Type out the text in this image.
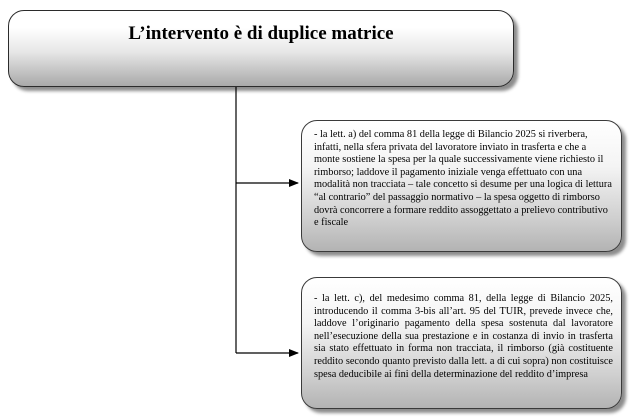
L’intervento è di duplice matrice
- la lett. a) del comma 81 della legge di Bilancio 2025 si riverbera, infatti, nella sfera privata del lavoratore inviato in trasferta e che a monte sostiene la spesa per la quale successivamente viene richiesto il rimborso; laddove il pagamento iniziale venga effettuato con una modalità non tracciata – tale concetto si desume per una logica di lettura “al contrario” del passaggio normativo – la spesa oggetto di rimborso dovrà concorrere a formare reddito assoggettato a prelievo contributivo e fiscale
- la lett. c), del medesimo comma 81, della legge di Bilancio 2025, introducendo il comma 3-bis all’art. 95 del TUIR, prevede invece che, laddove l’originario pagamento della spesa sostenuta dal lavoratore nell’esecuzione della sua prestazione e in costanza di invio in trasferta sia stato effettuato in forma non tracciata, il rimborso (già costituente reddito secondo quanto previsto dalla lett. a di cui sopra) non costituisce spesa deducibile ai fini della determinazione del reddito d’impresa
